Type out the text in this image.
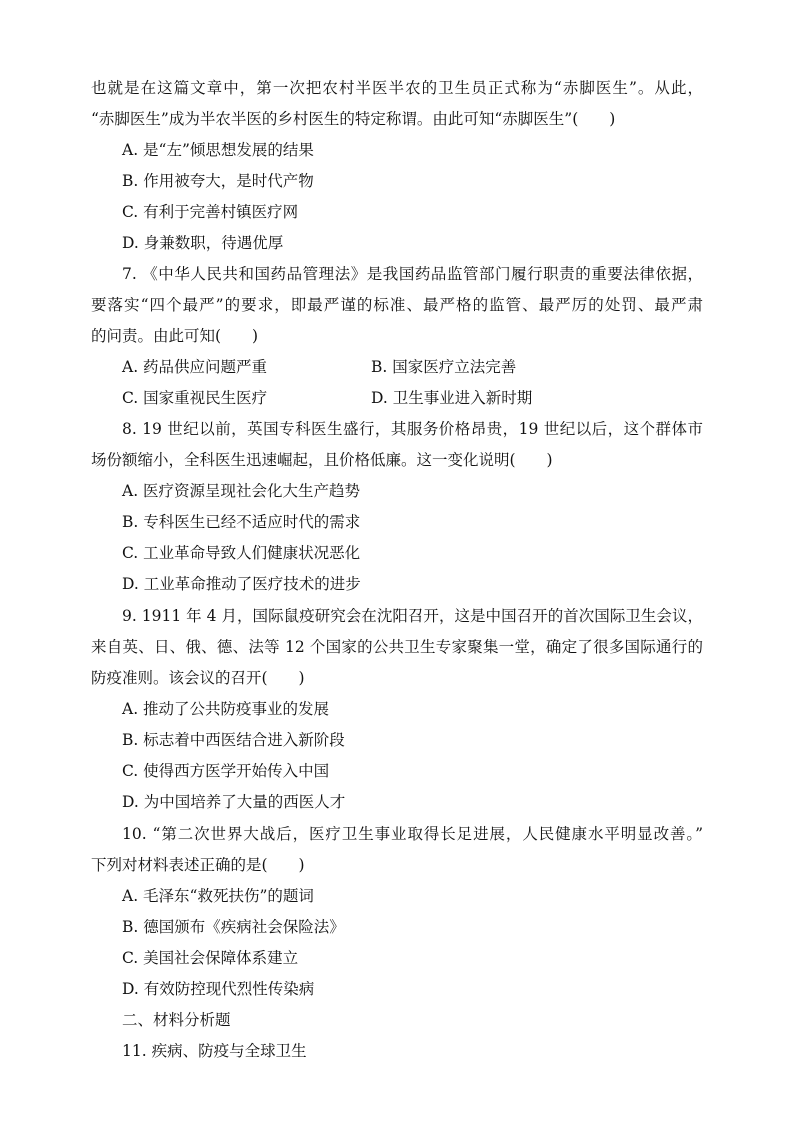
也就是在这篇文章中，第一次把农村半医半农的卫生员正式称为“赤脚医生”。从此，
“赤脚医生”成为半农半医的乡村医生的特定称谓。由此可知“赤脚医生”(　　)
A. 是“左”倾思想发展的结果
B. 作用被夸大，是时代产物
C. 有利于完善村镇医疗网
D. 身兼数职，待遇优厚
7. 《中华人民共和国药品管理法》是我国药品监管部门履行职责的重要法律依据，
要落实“四个最严”的要求，即最严谨的标准、最严格的监管、最严厉的处罚、最严肃
的问责。由此可知(　　)
A. 药品供应问题严重	B. 国家医疗立法完善
C. 国家重视民生医疗	D. 卫生事业进入新时期
8. 19 世纪以前，英国专科医生盛行，其服务价格昂贵，19 世纪以后，这个群体市
场份额缩小，全科医生迅速崛起，且价格低廉。这一变化说明(　　)
A. 医疗资源呈现社会化大生产趋势
B. 专科医生已经不适应时代的需求
C. 工业革命导致人们健康状况恶化
D. 工业革命推动了医疗技术的进步
9. 1911 年 4 月，国际鼠疫研究会在沈阳召开，这是中国召开的首次国际卫生会议，
来自英、日、俄、德、法等 12 个国家的公共卫生专家聚集一堂，确定了很多国际通行的
防疫准则。该会议的召开(　　)
A. 推动了公共防疫事业的发展
B. 标志着中西医结合进入新阶段
C. 使得西方医学开始传入中国
D. 为中国培养了大量的西医人才
10. “第二次世界大战后，医疗卫生事业取得长足进展，人民健康水平明显改善。”
下列对材料表述正确的是(　　)
A. 毛泽东“救死扶伤”的题词
B. 德国颁布《疾病社会保险法》
C. 美国社会保障体系建立
D. 有效防控现代烈性传染病
二、材料分析题
11. 疾病、防疫与全球卫生
